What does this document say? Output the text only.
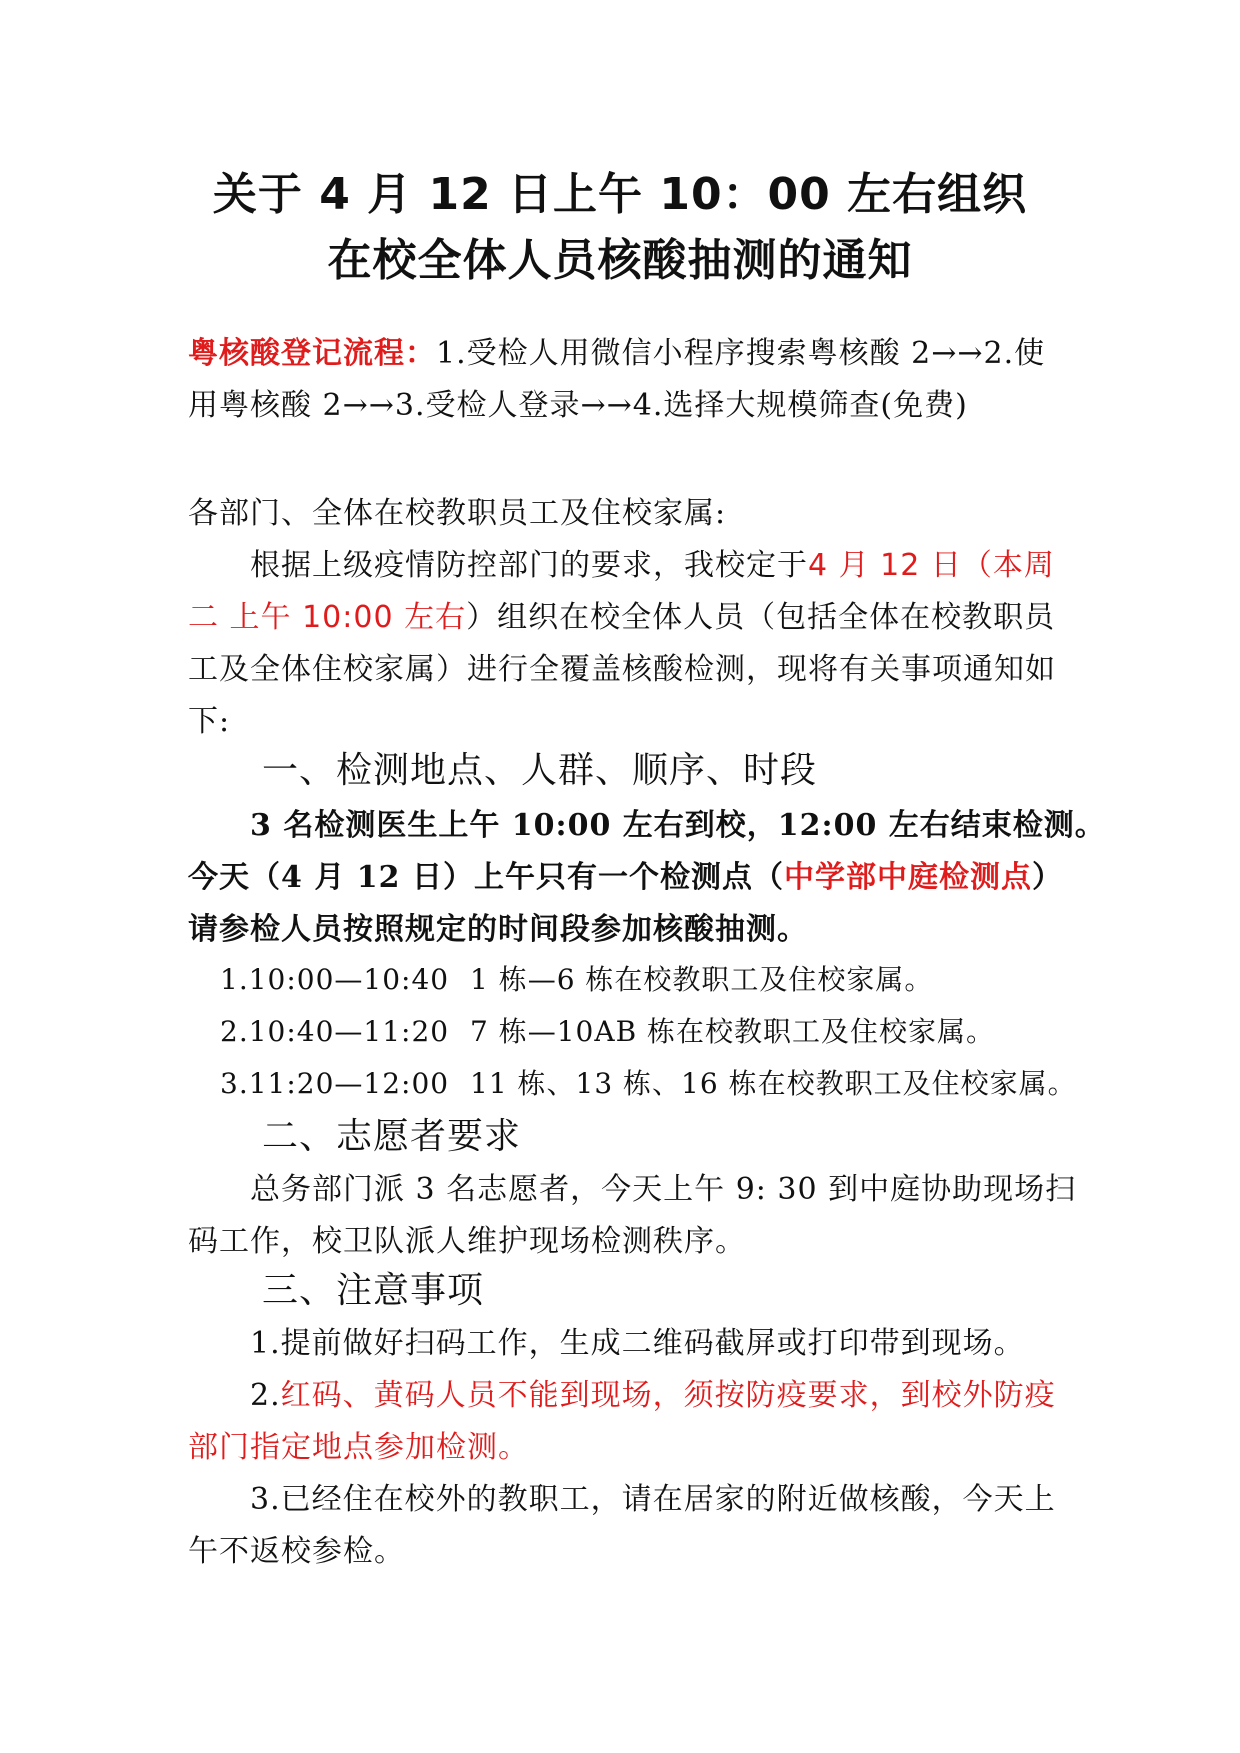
关于 4 月 12 日上午 10：00 左右组织
在校全体人员核酸抽测的通知
粤核酸登记流程：1.受检人用微信小程序搜索粤核酸 2→→2.使
用粤核酸 2→→3.受检人登录→→4.选择大规模筛查(免费)
各部门、全体在校教职员工及住校家属:
根据上级疫情防控部门的要求，我校定于4 月 12 日（本周
二 上午 10:00 左右）组织在校全体人员（包括全体在校教职员
工及全体住校家属）进行全覆盖核酸检测，现将有关事项通知如
下:
一、检测地点、人群、顺序、时段
3 名检测医生上午 10:00 左右到校，12:00 左右结束检测。
今天（4 月 12 日）上午只有一个检测点（中学部中庭检测点）
请参检人员按照规定的时间段参加核酸抽测。
1.10:00—10:40 1 栋—6 栋在校教职工及住校家属。
2.10:40—11:20 7 栋—10AB 栋在校教职工及住校家属。
3.11:20—12:00 11 栋、13 栋、16 栋在校教职工及住校家属。
二、志愿者要求
总务部门派 3 名志愿者，今天上午 9: 30 到中庭协助现场扫
码工作，校卫队派人维护现场检测秩序。
三、注意事项
1.提前做好扫码工作，生成二维码截屏或打印带到现场。
2.红码、黄码人员不能到现场，须按防疫要求，到校外防疫
部门指定地点参加检测。
3.已经住在校外的教职工，请在居家的附近做核酸，今天上
午不返校参检。
